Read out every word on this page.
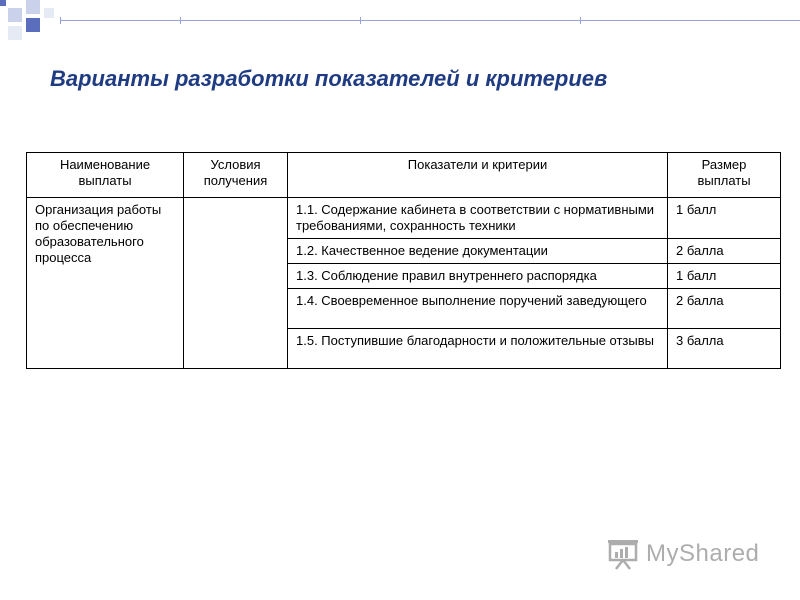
Варианты разработки показателей и критериев
Наименование выплаты	Условия получения	Показатели и критерии	Размер выплаты
Организация работы по обеспечению образовательного процесса		1.1. Содержание кабинета в соответствии с нормативными требованиями, сохранность техники	1 балл
		1.2. Качественное ведение документации	2 балла
		1.3. Соблюдение правил внутреннего распорядка	1 балл
		1.4. Своевременное выполнение поручений заведующего	2 балла
		1.5. Поступившие благодарности и положительные отзывы	3 балла
MyShared
